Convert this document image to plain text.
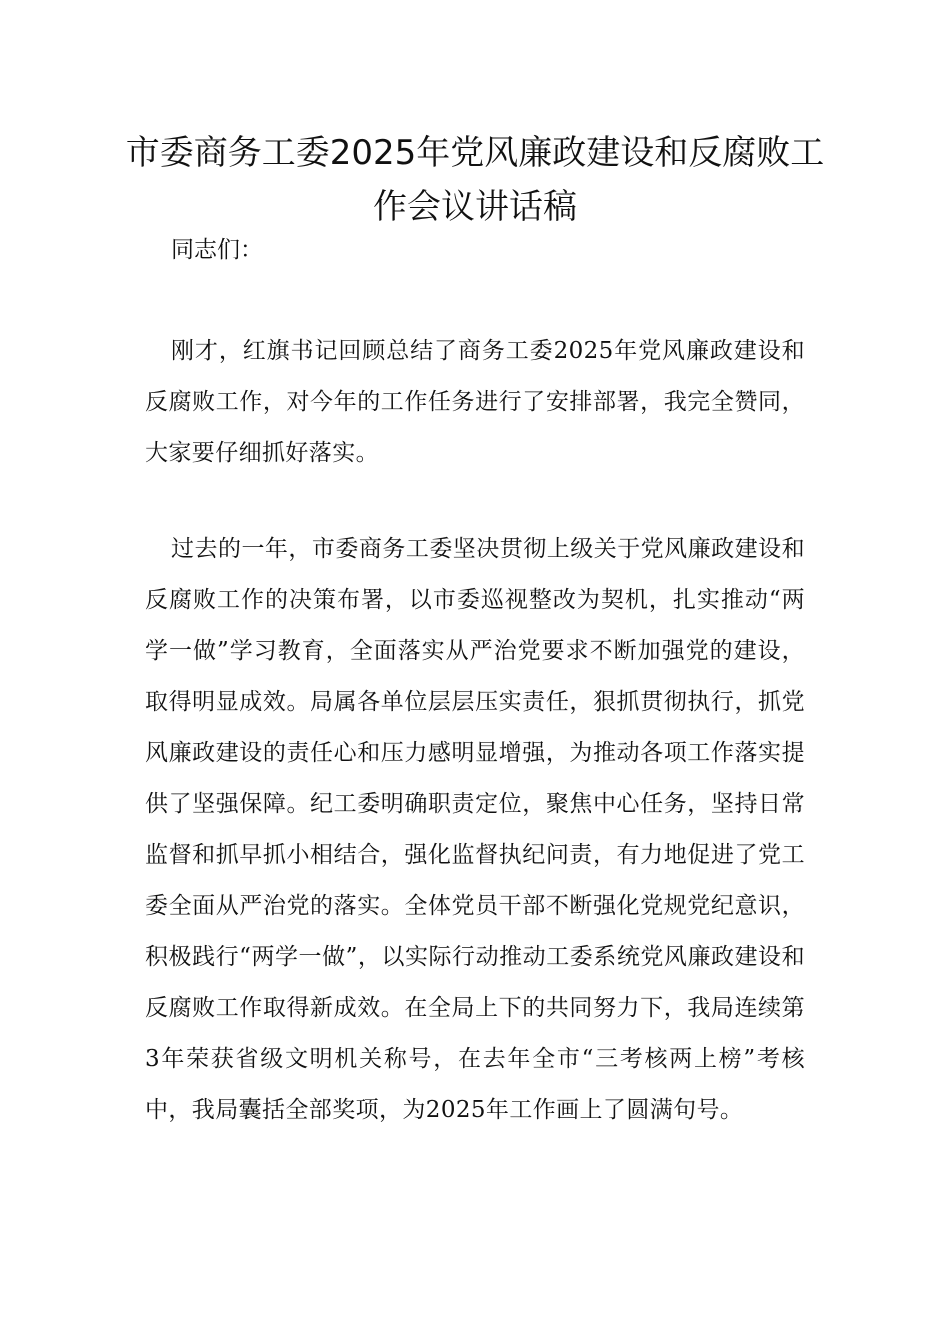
市委商务工委2025年党风廉政建设和反腐败工作会议讲话稿

同志们：

刚才，红旗书记回顾总结了商务工委2025年党风廉政建设和反腐败工作，对今年的工作任务进行了安排部署，我完全赞同，大家要仔细抓好落实。

过去的一年，市委商务工委坚决贯彻上级关于党风廉政建设和反腐败工作的决策布署，以市委巡视整改为契机，扎实推动“两学一做”学习教育，全面落实从严治党要求不断加强党的建设，取得明显成效。局属各单位层层压实责任，狠抓贯彻执行，抓党风廉政建设的责任心和压力感明显增强，为推动各项工作落实提供了坚强保障。纪工委明确职责定位，聚焦中心任务，坚持日常监督和抓早抓小相结合，强化监督执纪问责，有力地促进了党工委全面从严治党的落实。全体党员干部不断强化党规党纪意识，积极践行“两学一做”，以实际行动推动工委系统党风廉政建设和反腐败工作取得新成效。在全局上下的共同努力下，我局连续第3年荣获省级文明机关称号，在去年全市“三考核两上榜”考核中，我局囊括全部奖项，为2025年工作画上了圆满句号。
